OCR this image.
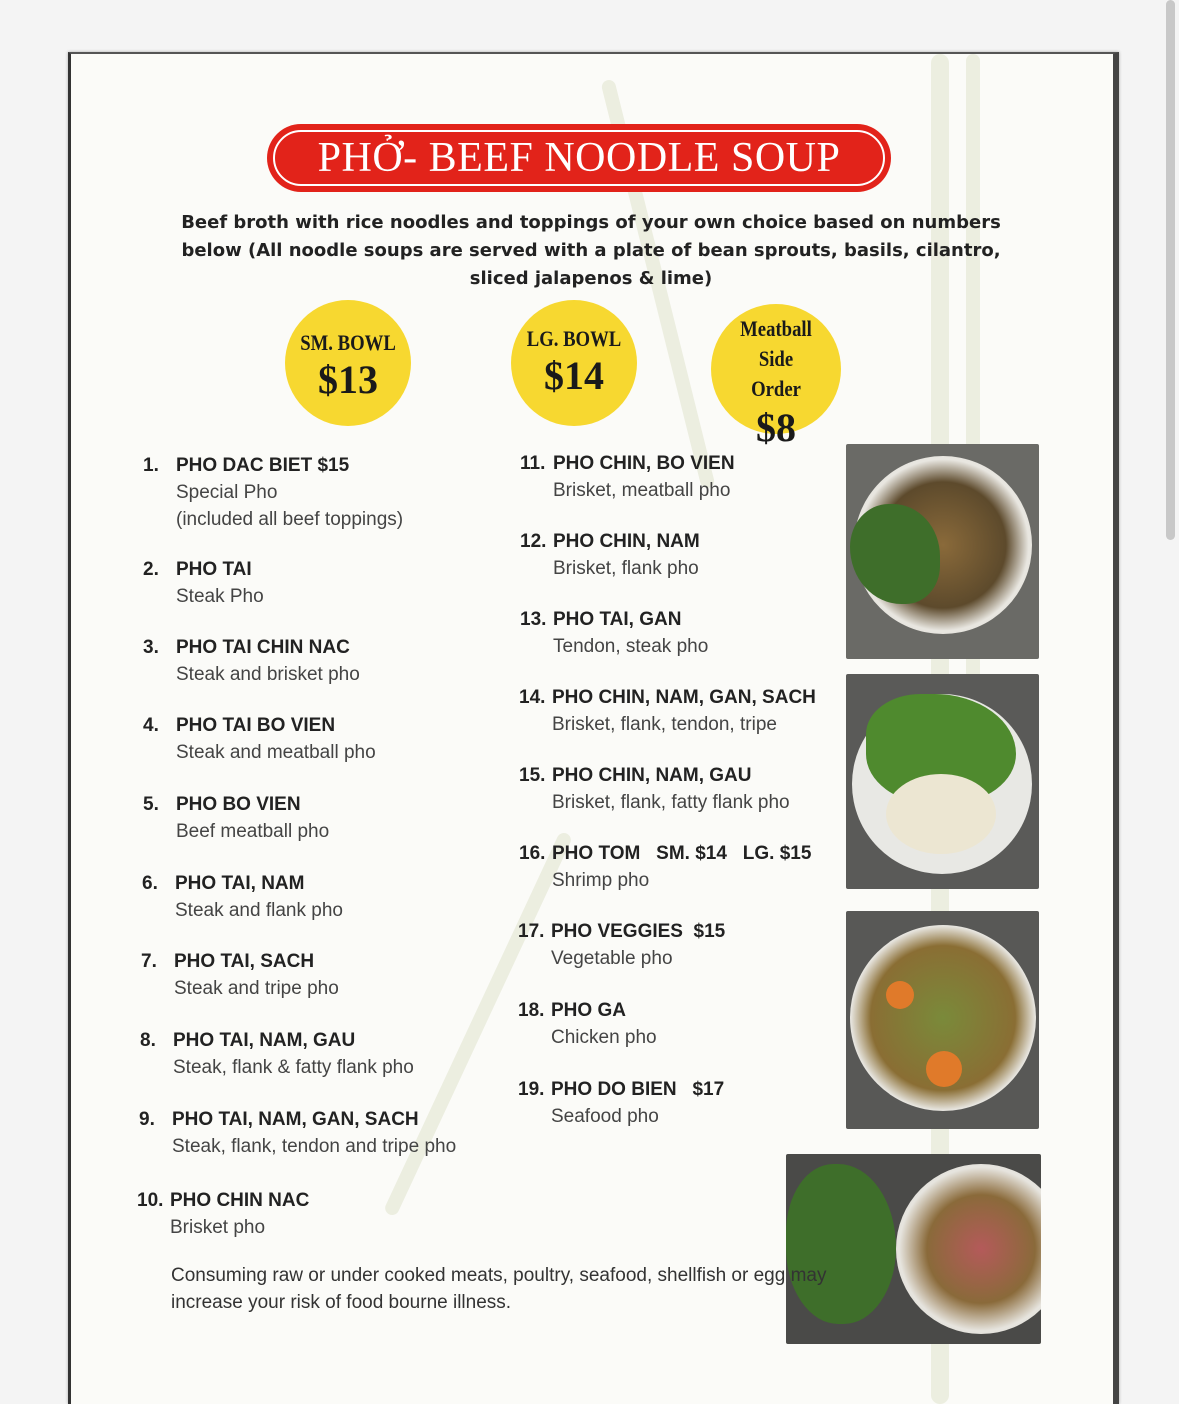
PHỞ- BEEF NOODLE SOUP
Beef broth with rice noodles and toppings of your own choice based on numbers below (All noodle soups are served with a plate of bean sprouts, basils, cilantro, sliced jalapenos & lime)
SM. BOWL
$13
LG. BOWL
$14
Meatball Side Order
$8
1. PHO DAC BIET $15
Special Pho
(included all beef toppings)
2. PHO TAI
Steak Pho
3. PHO TAI CHIN NAC
Steak and brisket pho
4. PHO TAI BO VIEN
Steak and meatball pho
5. PHO BO VIEN
Beef meatball pho
6. PHO TAI, NAM
Steak and flank pho
7. PHO TAI, SACH
Steak and tripe pho
8. PHO TAI, NAM, GAU
Steak, flank & fatty flank pho
9. PHO TAI, NAM, GAN, SACH
Steak, flank, tendon and tripe pho
10. PHO CHIN NAC
Brisket pho
11. PHO CHIN, BO VIEN
Brisket, meatball pho
12. PHO CHIN, NAM
Brisket, flank pho
13. PHO TAI, GAN
Tendon, steak pho
14. PHO CHIN, NAM, GAN, SACH
Brisket, flank, tendon, tripe
15. PHO CHIN, NAM, GAU
Brisket, flank, fatty flank pho
16. PHO TOM   SM. $14   LG. $15
Shrimp pho
17. PHO VEGGIES  $15
Vegetable pho
18. PHO GA
Chicken pho
19. PHO DO BIEN   $17
Seafood pho
Consuming raw or under cooked meats, poultry, seafood, shellfish or egg may increase your risk of food bourne illness.
